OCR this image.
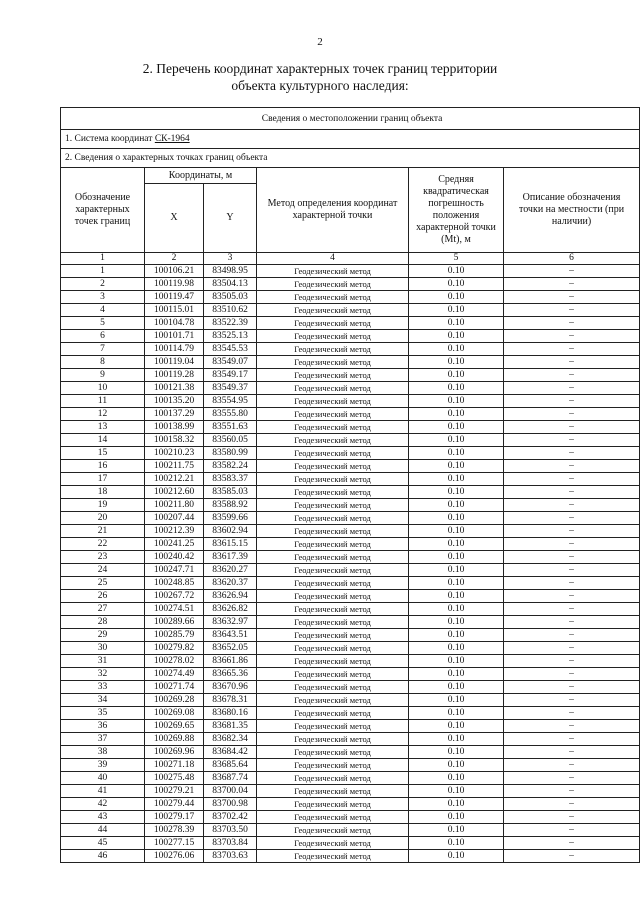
2
2. Перечень координат характерных точек границ территории
объекта культурного наследия:
Сведения о местоположении границ объекта					
1. Система координат СК-1964					
2. Сведения о характерных точках границ объекта					
Обозначение характерных точек границ	Координаты, м		Метод определения координат характерной точки	Средняя квадратическая погрешность положения характерной точки (Mt), м	Описание обозначения точки на местности (при наличии)
	X	Y			
1	2	3	4	5	6
1	100106.21	83498.95	Геодезический метод	0.10	–
2	100119.98	83504.13	Геодезический метод	0.10	–
3	100119.47	83505.03	Геодезический метод	0.10	–
4	100115.01	83510.62	Геодезический метод	0.10	–
5	100104.78	83522.39	Геодезический метод	0.10	–
6	100101.71	83525.13	Геодезический метод	0.10	–
7	100114.79	83545.53	Геодезический метод	0.10	–
8	100119.04	83549.07	Геодезический метод	0.10	–
9	100119.28	83549.17	Геодезический метод	0.10	–
10	100121.38	83549.37	Геодезический метод	0.10	–
11	100135.20	83554.95	Геодезический метод	0.10	–
12	100137.29	83555.80	Геодезический метод	0.10	–
13	100138.99	83551.63	Геодезический метод	0.10	–
14	100158.32	83560.05	Геодезический метод	0.10	–
15	100210.23	83580.99	Геодезический метод	0.10	–
16	100211.75	83582.24	Геодезический метод	0.10	–
17	100212.21	83583.37	Геодезический метод	0.10	–
18	100212.60	83585.03	Геодезический метод	0.10	–
19	100211.80	83588.92	Геодезический метод	0.10	–
20	100207.44	83599.66	Геодезический метод	0.10	–
21	100212.39	83602.94	Геодезический метод	0.10	–
22	100241.25	83615.15	Геодезический метод	0.10	–
23	100240.42	83617.39	Геодезический метод	0.10	–
24	100247.71	83620.27	Геодезический метод	0.10	–
25	100248.85	83620.37	Геодезический метод	0.10	–
26	100267.72	83626.94	Геодезический метод	0.10	–
27	100274.51	83626.82	Геодезический метод	0.10	–
28	100289.66	83632.97	Геодезический метод	0.10	–
29	100285.79	83643.51	Геодезический метод	0.10	–
30	100279.82	83652.05	Геодезический метод	0.10	–
31	100278.02	83661.86	Геодезический метод	0.10	–
32	100274.49	83665.36	Геодезический метод	0.10	–
33	100271.74	83670.96	Геодезический метод	0.10	–
34	100269.28	83678.31	Геодезический метод	0.10	–
35	100269.08	83680.16	Геодезический метод	0.10	–
36	100269.65	83681.35	Геодезический метод	0.10	–
37	100269.88	83682.34	Геодезический метод	0.10	–
38	100269.96	83684.42	Геодезический метод	0.10	–
39	100271.18	83685.64	Геодезический метод	0.10	–
40	100275.48	83687.74	Геодезический метод	0.10	–
41	100279.21	83700.04	Геодезический метод	0.10	–
42	100279.44	83700.98	Геодезический метод	0.10	–
43	100279.17	83702.42	Геодезический метод	0.10	–
44	100278.39	83703.50	Геодезический метод	0.10	–
45	100277.15	83703.84	Геодезический метод	0.10	–
46	100276.06	83703.63	Геодезический метод	0.10	–
